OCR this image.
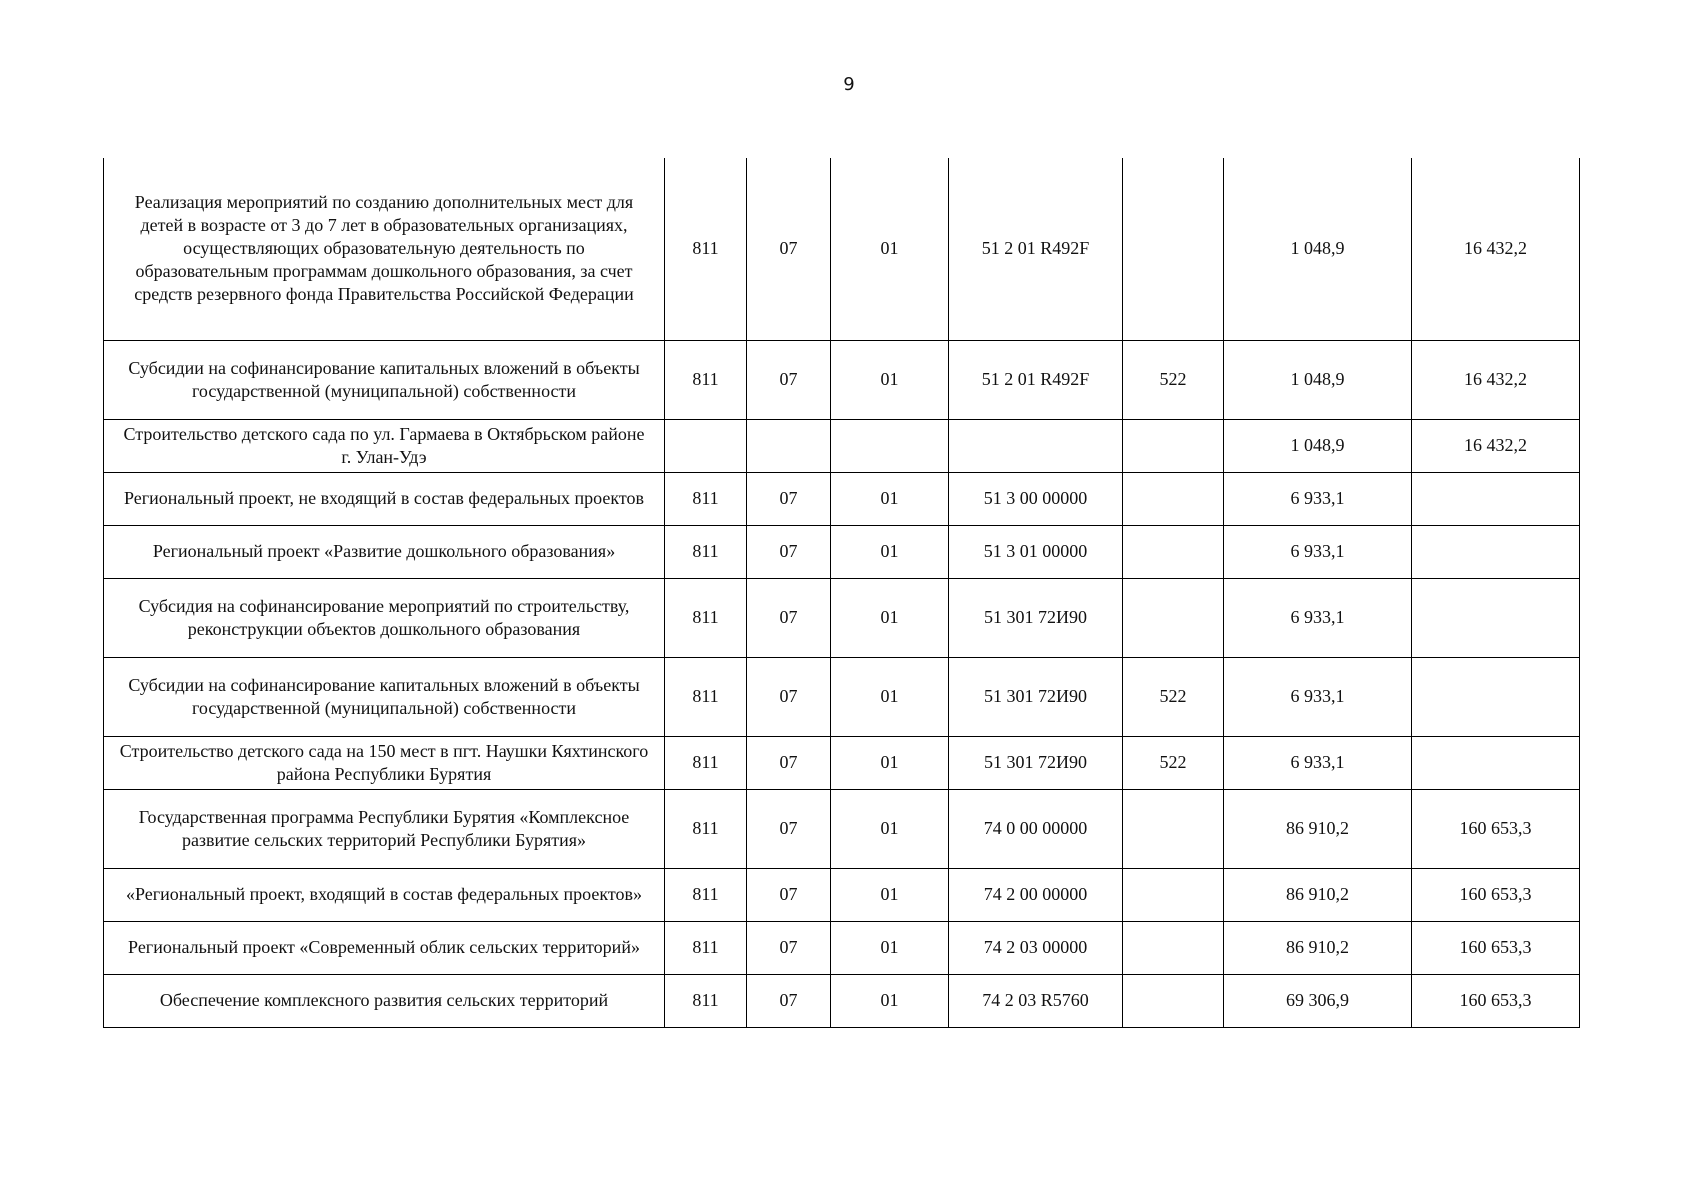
9
Реализация мероприятий по созданию дополнительных мест для детей в возрасте от 3 до 7 лет в образовательных организациях, осуществляющих образовательную деятельность по образовательным программам дошкольного образования, за счет средств резервного фонда Правительства Российской Федерации	811	07	01	51 2 01 R492F		1 048,9	16 432,2
Субсидии на софинансирование капитальных вложений в объекты государственной (муниципальной) собственности	811	07	01	51 2 01 R492F	522	1 048,9	16 432,2
Строительство детского сада по ул. Гармаева в Октябрьском районе г. Улан-Удэ						1 048,9	16 432,2
Региональный проект, не входящий в состав федеральных проектов	811	07	01	51 3 00 00000		6 933,1	
Региональный проект «Развитие дошкольного образования»	811	07	01	51 3 01 00000		6 933,1	
Субсидия на софинансирование мероприятий по строительству, реконструкции объектов дошкольного образования	811	07	01	51 301 72И90		6 933,1	
Субсидии на софинансирование капитальных вложений в объекты государственной (муниципальной) собственности	811	07	01	51 301 72И90	522	6 933,1	
Строительство детского сада на 150 мест в пгт. Наушки Кяхтинского района Республики Бурятия	811	07	01	51 301 72И90	522	6 933,1	
Государственная программа Республики Бурятия «Комплексное развитие сельских территорий Республики Бурятия»	811	07	01	74 0 00 00000		86 910,2	160 653,3
«Региональный проект, входящий в состав федеральных проектов»	811	07	01	74 2 00 00000		86 910,2	160 653,3
Региональный проект «Современный облик сельских территорий»	811	07	01	74 2 03 00000		86 910,2	160 653,3
Обеспечение комплексного развития сельских территорий	811	07	01	74 2 03 R5760		69 306,9	160 653,3
